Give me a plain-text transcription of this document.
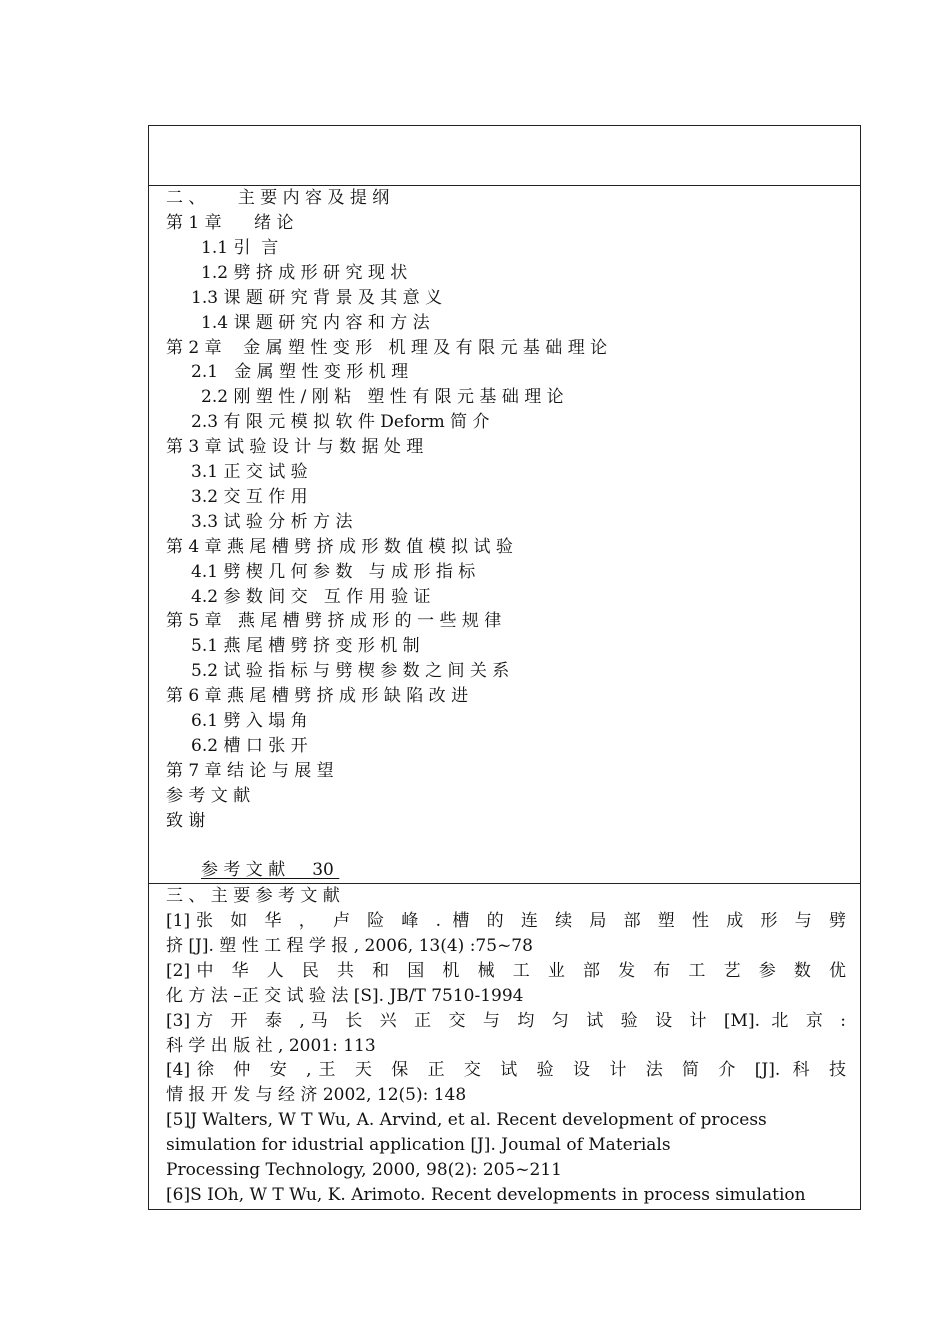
二 、      主 要 内 容 及 提 纲
第 1 章      绪 论
1.1 引  言
1.2 劈 挤 成 形 研 究 现 状
1.3 课 题 研 究 背 景 及 其 意 义
1.4 课 题 研 究 内 容 和 方 法
第 2 章    金 属 塑 性 变 形   机 理 及 有 限 元 基 础 理 论
2.1   金 属 塑 性 变 形 机 理
2.2 刚 塑 性 / 刚 粘   塑 性 有 限 元 基 础 理 论
2.3 有 限 元 模 拟 软 件 Deform 简 介
第 3 章 试 验 设 计 与 数 据 处 理
3.1 正 交 试 验
3.2 交 互 作 用
3.3 试 验 分 析 方 法
第 4 章 燕 尾 槽 劈 挤 成 形 数 值 模 拟 试 验
4.1 劈 楔 几 何 参 数   与 成 形 指 标
4.2 参 数 间 交   互 作 用 验 证
第 5 章   燕 尾 槽 劈 挤 成 形 的 一 些 规 律
5.1 燕 尾 槽 劈 挤 变 形 机 制
5.2 试 验 指 标 与 劈 楔 参 数 之 间 关 系
第 6 章 燕 尾 槽 劈 挤 成 形 缺 陷 改 进
6.1 劈 入 塌 角
6.2 槽 口 张 开
第 7 章 结 论 与 展 望
参 考 文 献
致 谢
参 考 文 献     30
三 、 主 要 参 考 文 献
[1]张 如 华 ， 卢 险 峰 . 槽 的 连 续 局 部 塑 性 成 形 与 劈
挤 [J]. 塑 性 工 程 学 报 , 2006, 13(4) :75~78
[2]中 华 人 民 共 和 国 机 械 工 业 部 发 布 工 艺 参 数 优
化 方 法 –正 交 试 验 法 [S]. JB/T 7510-1994
[3]方 开 泰 ,马 长 兴 正 交 与 均 匀 试 验 设 计 [M]. 北 京 :
科 学 出 版 社 , 2001: 113
[4]徐 仲 安 ,王 天 保 正 交 试 验 设 计 法 简 介 [J]. 科 技
情 报 开 发 与 经 济 2002, 12(5): 148
[5]J Walters, W T Wu, A. Arvind, et al. Recent development of process
simulation for idustrial application [J]. Joumal of Materials
Processing Technology, 2000, 98(2): 205~211
[6]S IOh, W T Wu, K. Arimoto. Recent developments in process simulation
